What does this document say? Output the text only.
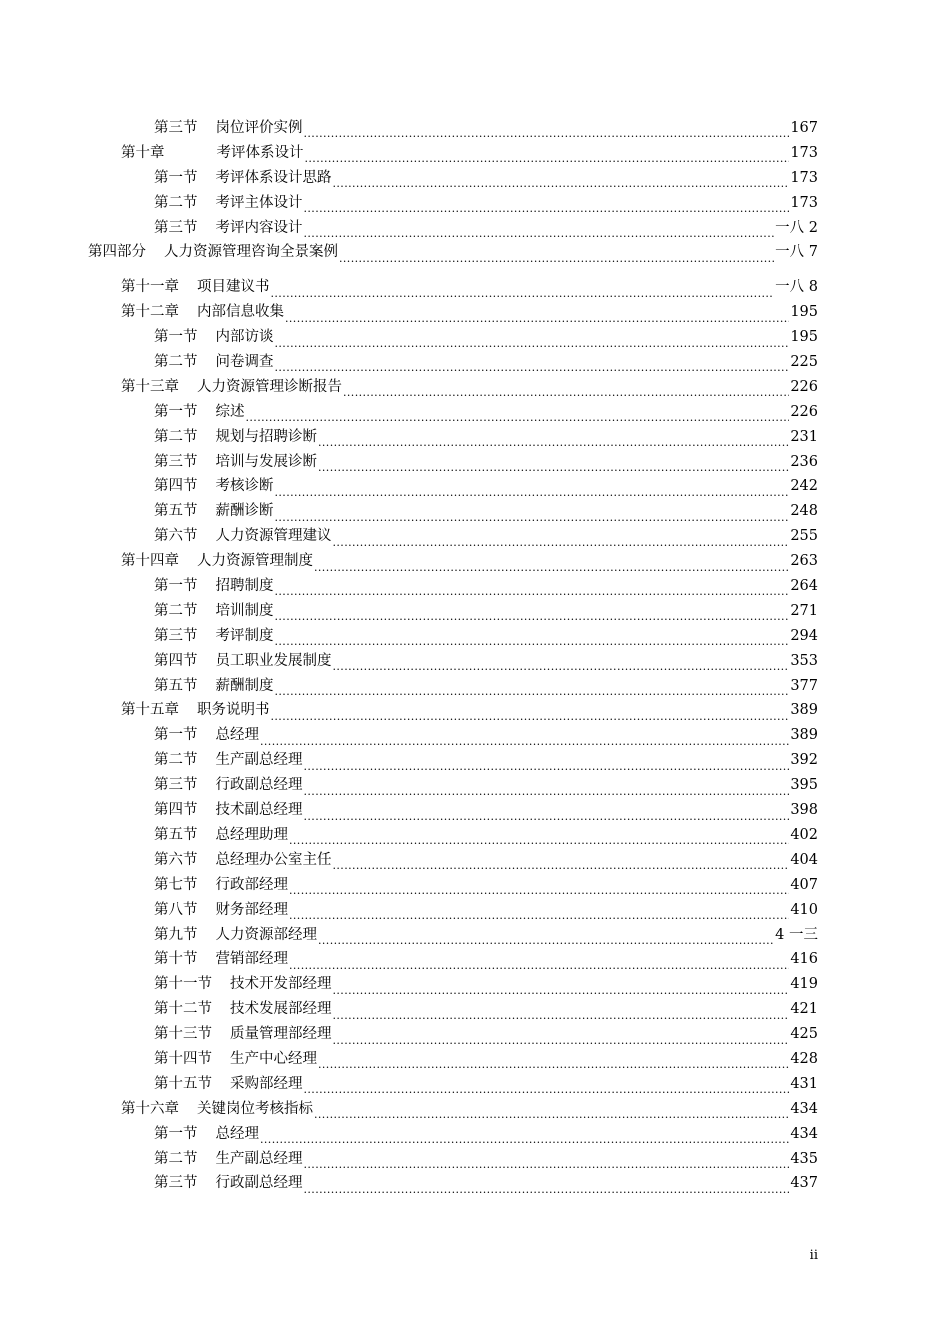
第三节 岗位评价实例 .....	167
第十章	考评体系设计 .....	173
第一节 考评体系设计思路 .....	173
第二节 考评主体设计 .....	173
第三节 考评内容设计 .....	一八 2
第四部分 人力资源管理咨询全景案例 .....	一八 7
第十一章 项目建议书 .....	一八 8
第十二章 内部信息收集 .....	195
第一节 内部访谈 .....	195
第二节 问卷调查 .....	225
第十三章 人力资源管理诊断报告 .....	226
第一节 综述 .....	226
第二节 规划与招聘诊断 .....	231
第三节 培训与发展诊断 .....	236
第四节 考核诊断 .....	242
第五节 薪酬诊断 .....	248
第六节 人力资源管理建议 .....	255
第十四章 人力资源管理制度 .....	263
第一节 招聘制度 .....	264
第二节 培训制度 .....	271
第三节 考评制度 .....	294
第四节 员工职业发展制度 .....	353
第五节 薪酬制度 .....	377
第十五章 职务说明书 .....	389
第一节 总经理 .....	389
第二节 生产副总经理 .....	392
第三节 行政副总经理 .....	395
第四节 技术副总经理 .....	398
第五节 总经理助理 .....	402
第六节 总经理办公室主任 .....	404
第七节 行政部经理 .....	407
第八节 财务部经理 .....	410
第九节 人力资源部经理 .....	4 一三
第十节 营销部经理 .....	416
第十一节 技术开发部经理 .....	419
第十二节 技术发展部经理 .....	421
第十三节 质量管理部经理 .....	425
第十四节 生产中心经理 .....	428
第十五节 采购部经理 .....	431
第十六章 关键岗位考核指标 .....	434
第一节 总经理 .....	434
第二节 生产副总经理 .....	435
第三节 行政副总经理 .....	437
ii
